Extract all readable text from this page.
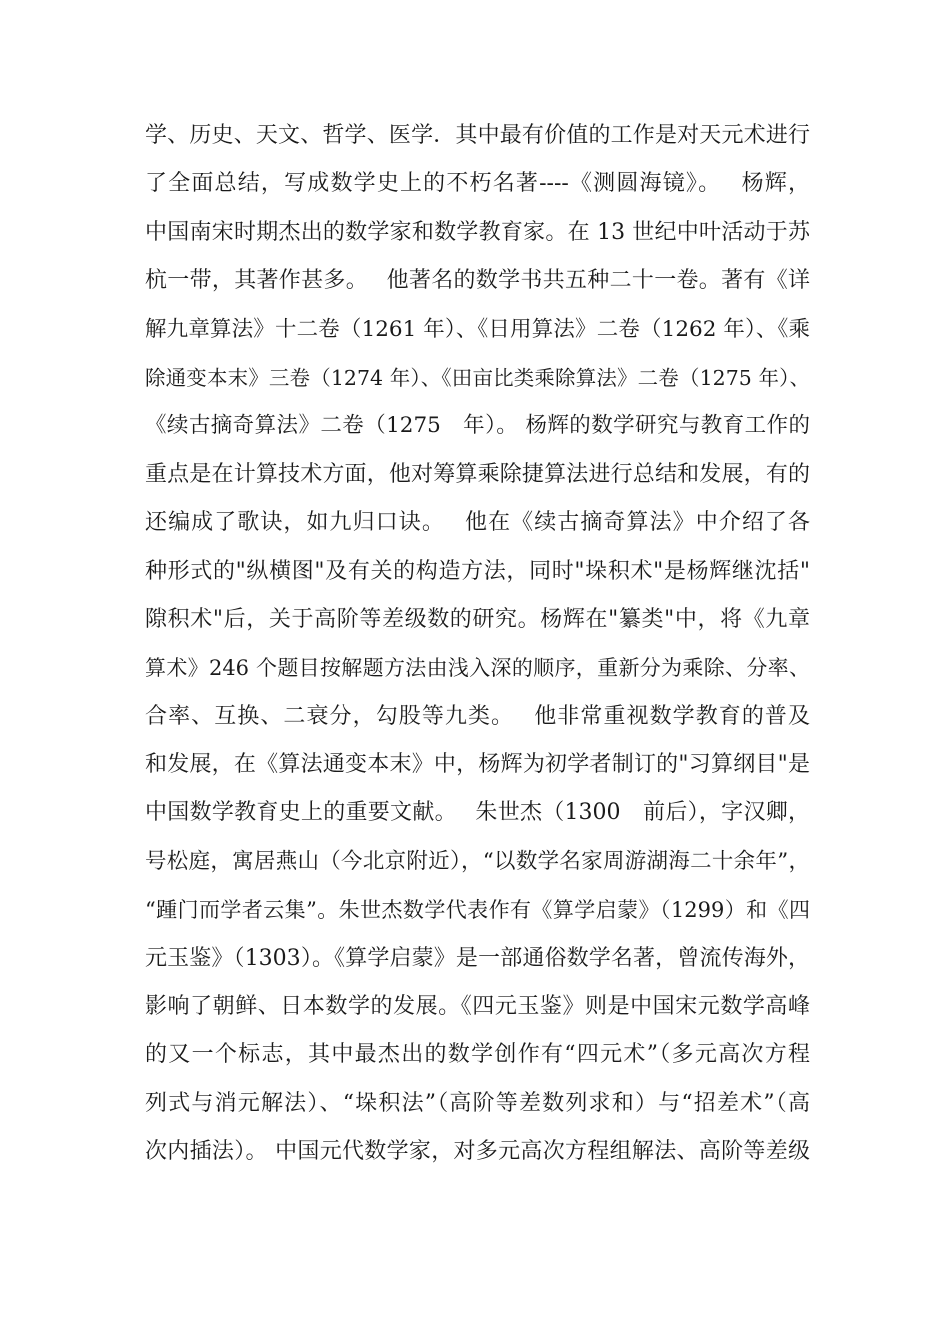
学、历史、天文、哲学、医学．其中最有价值的工作是对天元术进行
了全面总结，写成数学史上的不朽名著----《测圆海镜》。　 杨辉，
中国南宋时期杰出的数学家和数学教育家。在 13 世纪中叶活动于苏
杭一带，其著作甚多。　 他著名的数学书共五种二十一卷。著有《详
解九章算法》十二卷（1261 年）、《日用算法》二卷（1262 年）、《乘
除通变本末》三卷（1274 年）、《田亩比类乘除算法》二卷（1275 年）、
《续古摘奇算法》二卷（1275　年）。 杨辉的数学研究与教育工作的
重点是在计算技术方面，他对筹算乘除捷算法进行总结和发展，有的
还编成了歌诀，如九归口诀。　 他在《续古摘奇算法》中介绍了各
种形式的"纵横图"及有关的构造方法，同时"垛积术"是杨辉继沈括"
隙积术"后，关于高阶等差级数的研究。杨辉在"纂类"中，将《九章
算术》246 个题目按解题方法由浅入深的顺序，重新分为乘除、分率、
合率、互换、二衰分，勾股等九类。　 他非常重视数学教育的普及
和发展，在《算法通变本末》中，杨辉为初学者制订的"习算纲目"是
中国数学教育史上的重要文献。　 朱世杰（1300　前后），字汉卿，
号松庭，寓居燕山（今北京附近），“以数学名家周游湖海二十余年”，
“踵门而学者云集”。朱世杰数学代表作有《算学启蒙》（1299）和《四
元玉鉴》（1303）。《算学启蒙》是一部通俗数学名著，曾流传海外，
影响了朝鲜、日本数学的发展。《四元玉鉴》则是中国宋元数学高峰
的又一个标志，其中最杰出的数学创作有“四元术”（多元高次方程
列式与消元解法）、“垛积法”（高阶等差数列求和）与“招差术”（高
次内插法）。 中国元代数学家，对多元高次方程组解法、高阶等差级
